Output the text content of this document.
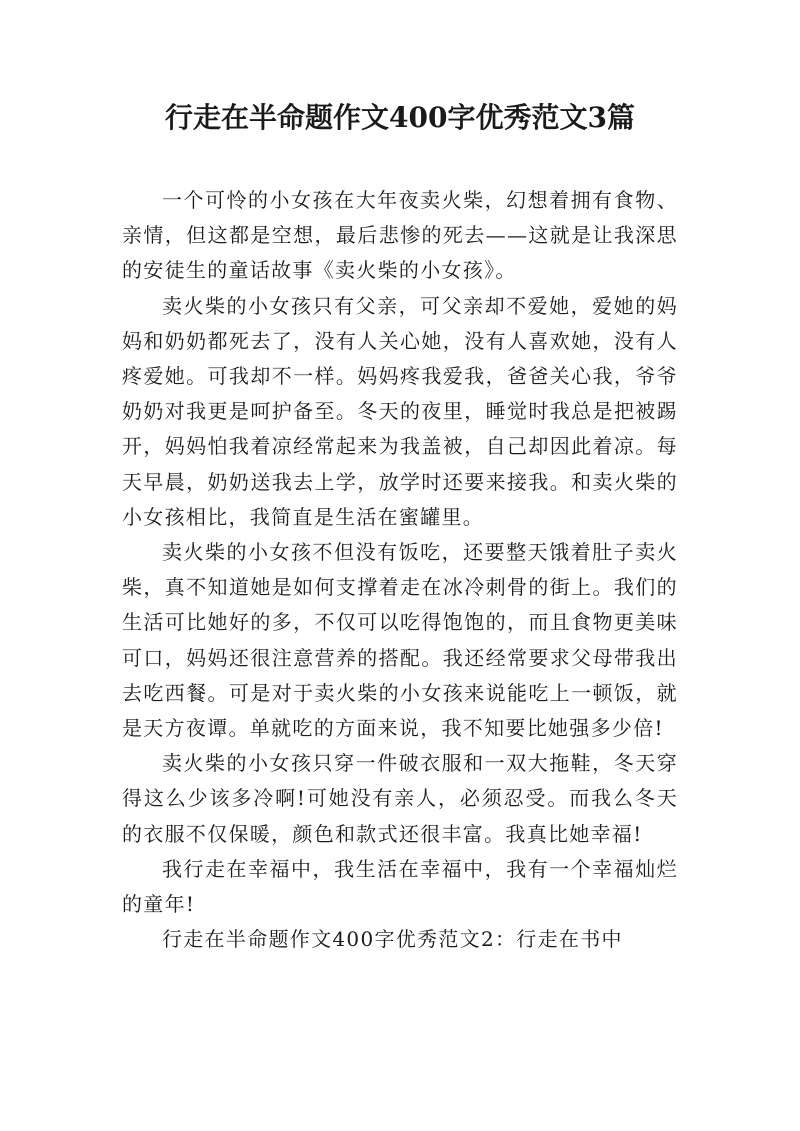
行走在半命题作文400字优秀范文3篇

一个可怜的小女孩在大年夜卖火柴，幻想着拥有食物、亲情，但这都是空想，最后悲惨的死去——这就是让我深思的安徒生的童话故事《卖火柴的小女孩》。

卖火柴的小女孩只有父亲，可父亲却不爱她，爱她的妈妈和奶奶都死去了，没有人关心她，没有人喜欢她，没有人疼爱她。可我却不一样。妈妈疼我爱我，爸爸关心我，爷爷奶奶对我更是呵护备至。冬天的夜里，睡觉时我总是把被踢开，妈妈怕我着凉经常起来为我盖被，自己却因此着凉。每天早晨，奶奶送我去上学，放学时还要来接我。和卖火柴的小女孩相比，我简直是生活在蜜罐里。

卖火柴的小女孩不但没有饭吃，还要整天饿着肚子卖火柴，真不知道她是如何支撑着走在冰冷刺骨的街上。我们的生活可比她好的多，不仅可以吃得饱饱的，而且食物更美味可口，妈妈还很注意营养的搭配。我还经常要求父母带我出去吃西餐。可是对于卖火柴的小女孩来说能吃上一顿饭，就是天方夜谭。单就吃的方面来说，我不知要比她强多少倍!

卖火柴的小女孩只穿一件破衣服和一双大拖鞋，冬天穿得这么少该多冷啊!可她没有亲人，必须忍受。而我么冬天的衣服不仅保暖，颜色和款式还很丰富。我真比她幸福!

我行走在幸福中，我生活在幸福中，我有一个幸福灿烂的童年!

行走在半命题作文400字优秀范文2：行走在书中
